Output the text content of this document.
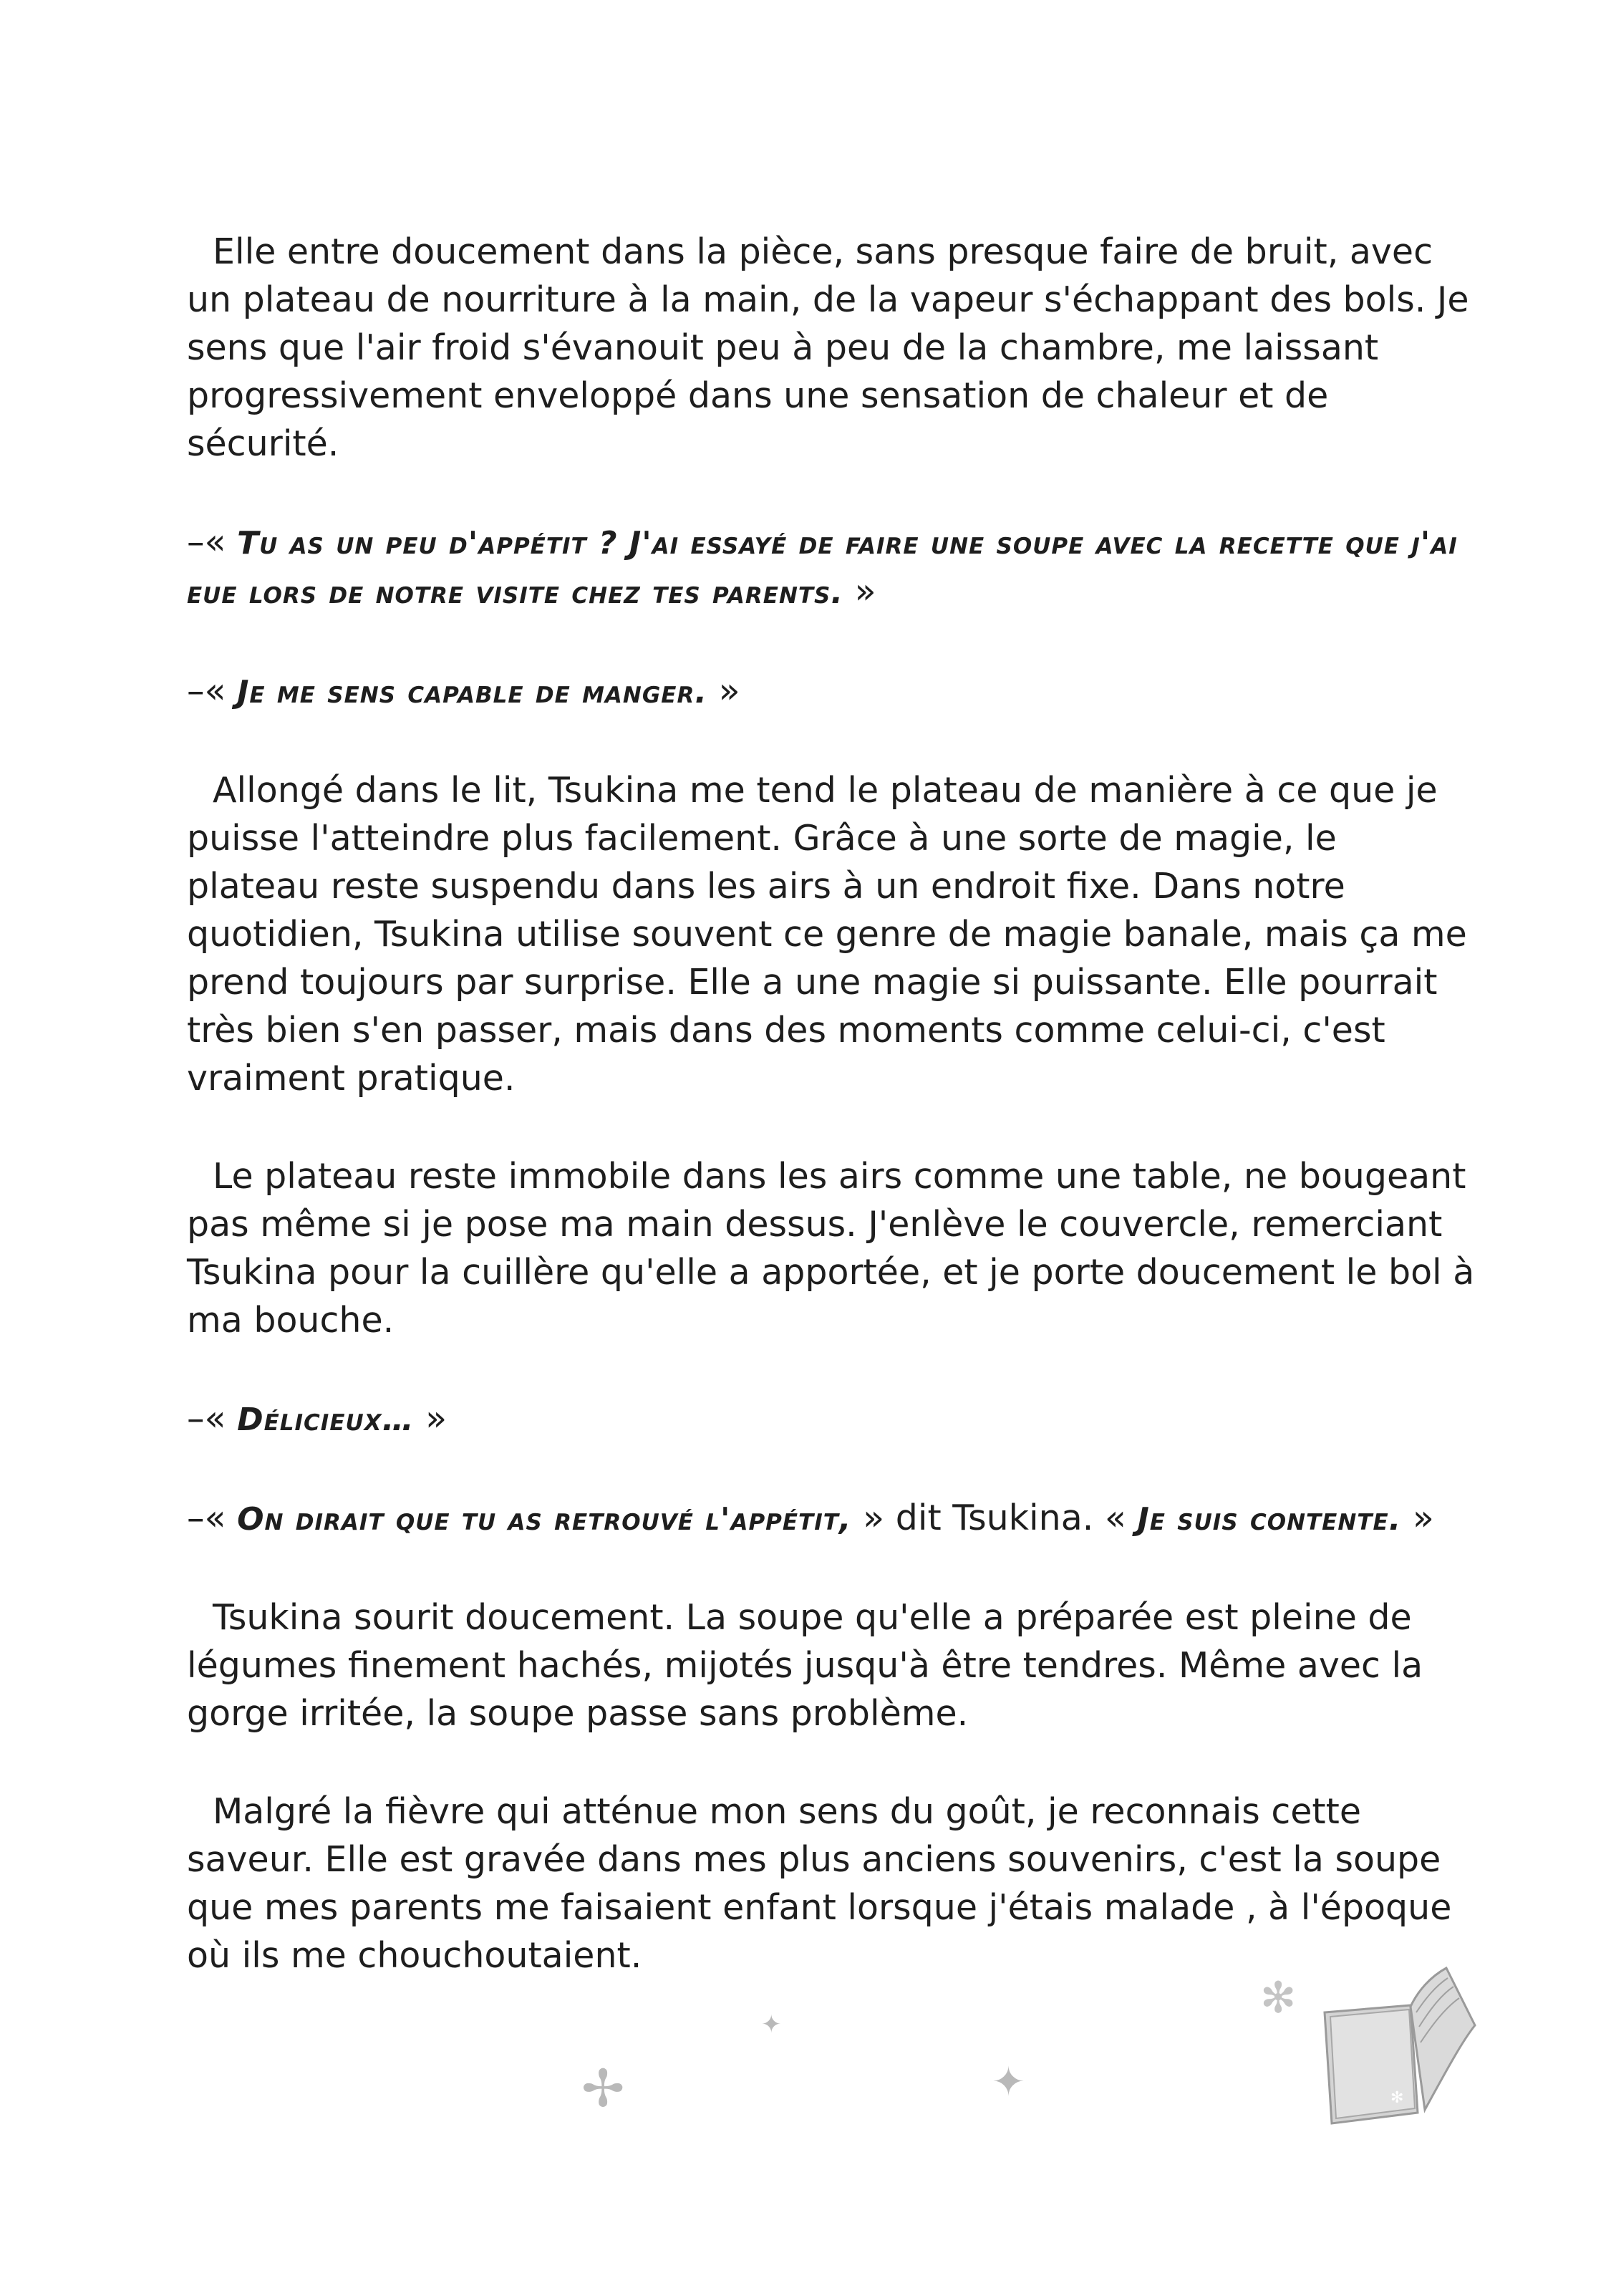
Elle entre doucement dans la pièce, sans presque faire de bruit, avec un plateau de nourriture à la main, de la vapeur s'échappant des bols. Je sens que l'air froid s'évanouit peu à peu de la chambre, me laissant progressivement enveloppé dans une sensation de chaleur et de sécurité.

–« Tu as un peu d'appétit ? J'ai essayé de faire une soupe avec la recette que j'ai eue lors de notre visite chez tes parents. »

–« Je me sens capable de manger. »

Allongé dans le lit, Tsukina me tend le plateau de manière à ce que je puisse l'atteindre plus facilement. Grâce à une sorte de magie, le plateau reste suspendu dans les airs à un endroit fixe. Dans notre quotidien, Tsukina utilise souvent ce genre de magie banale, mais ça me prend toujours par surprise. Elle a une magie si puissante. Elle pourrait très bien s'en passer, mais dans des moments comme celui-ci, c'est vraiment pratique.

Le plateau reste immobile dans les airs comme une table, ne bougeant pas même si je pose ma main dessus. J'enlève le couvercle, remerciant Tsukina pour la cuillère qu'elle a apportée, et je porte doucement le bol à ma bouche.

–« Délicieux… »

–« On dirait que tu as retrouvé l'appétit, » dit Tsukina. « Je suis contente. »

Tsukina sourit doucement. La soupe qu'elle a préparée est pleine de légumes finement hachés, mijotés jusqu'à être tendres. Même avec la gorge irritée, la soupe passe sans problème.

Malgré la fièvre qui atténue mon sens du goût, je reconnais cette saveur. Elle est gravée dans mes plus anciens souvenirs, c'est la soupe que mes parents me faisaient enfant lorsque j'étais malade , à l'époque où ils me chouchoutaient.

✢
✦
✦
✻
✻
